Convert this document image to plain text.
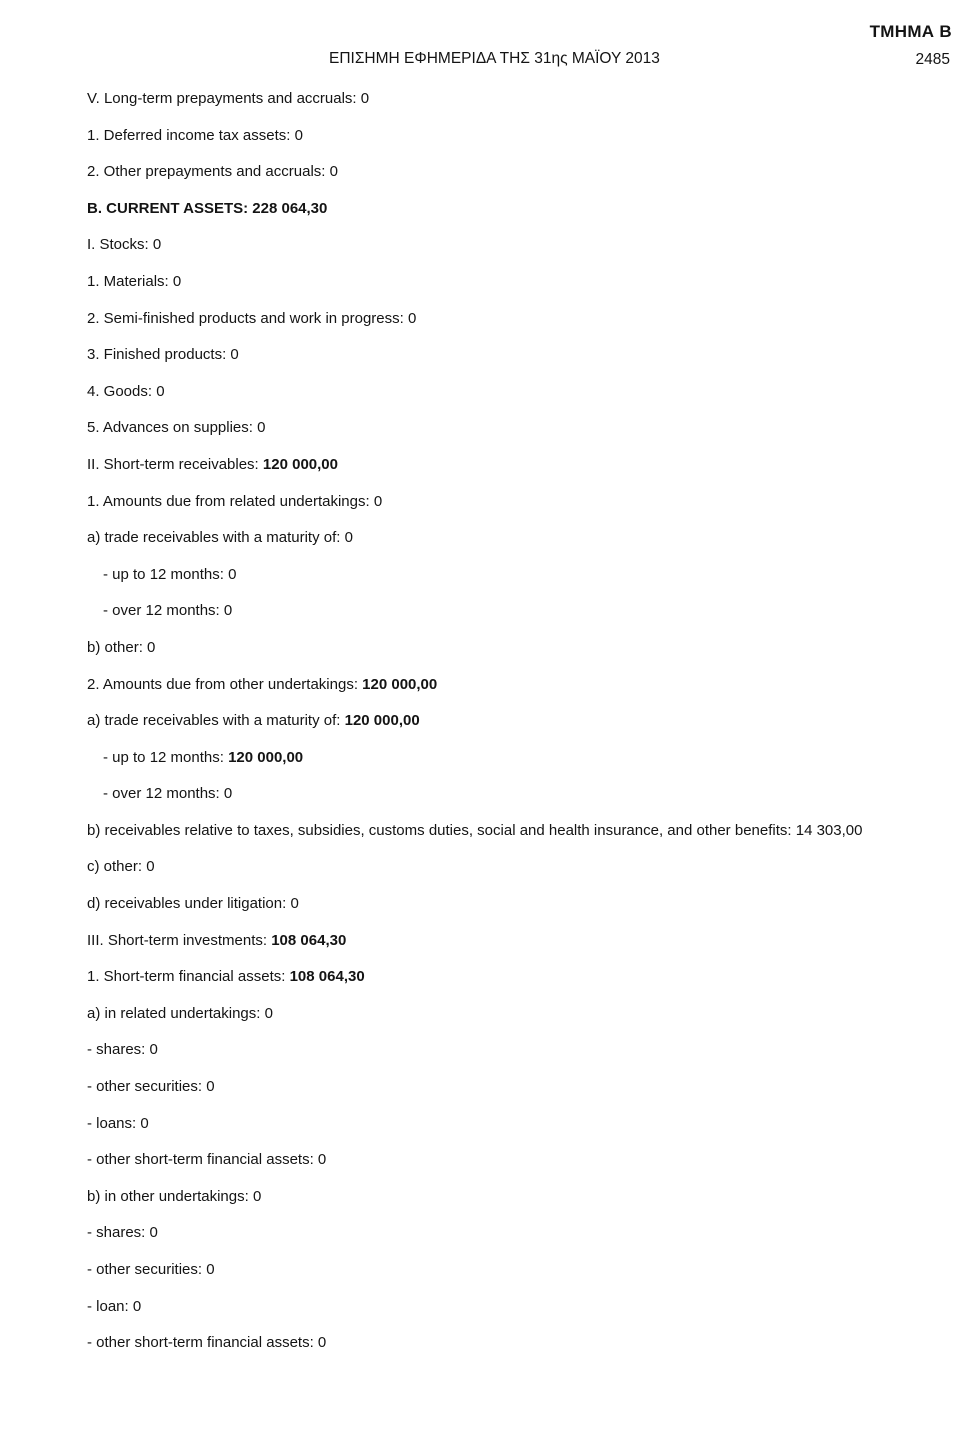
ΤΜΗΜΑ Β
ΕΠΙΣΗΜΗ ΕΦΗΜΕΡΙΔΑ ΤΗΣ 31ης ΜΑΪΟΥ 2013	2485
V. Long-term prepayments and accruals: 0
1. Deferred income tax assets: 0
2. Other prepayments and accruals: 0
B. CURRENT ASSETS: 228 064,30
I. Stocks: 0
1. Materials: 0
2. Semi-finished products and work in progress: 0
3. Finished products: 0
4. Goods: 0
5. Advances on supplies: 0
II. Short-term receivables: 120 000,00
1. Amounts due from related undertakings: 0
a) trade receivables with a maturity of: 0
- up to 12 months: 0
- over 12 months: 0
b) other: 0
2. Amounts due from other undertakings: 120 000,00
a) trade receivables with a maturity of: 120 000,00
- up to 12 months: 120 000,00
- over 12 months: 0
b) receivables relative to taxes, subsidies, customs duties, social and health insurance, and other benefits: 14 303,00
c) other: 0
d) receivables under litigation: 0
III. Short-term investments: 108 064,30
1. Short-term financial assets: 108 064,30
a) in related undertakings: 0
- shares: 0
- other securities: 0
- loans: 0
- other short-term financial assets: 0
b) in other undertakings: 0
- shares: 0
- other securities: 0
- loan: 0
- other short-term financial assets: 0
